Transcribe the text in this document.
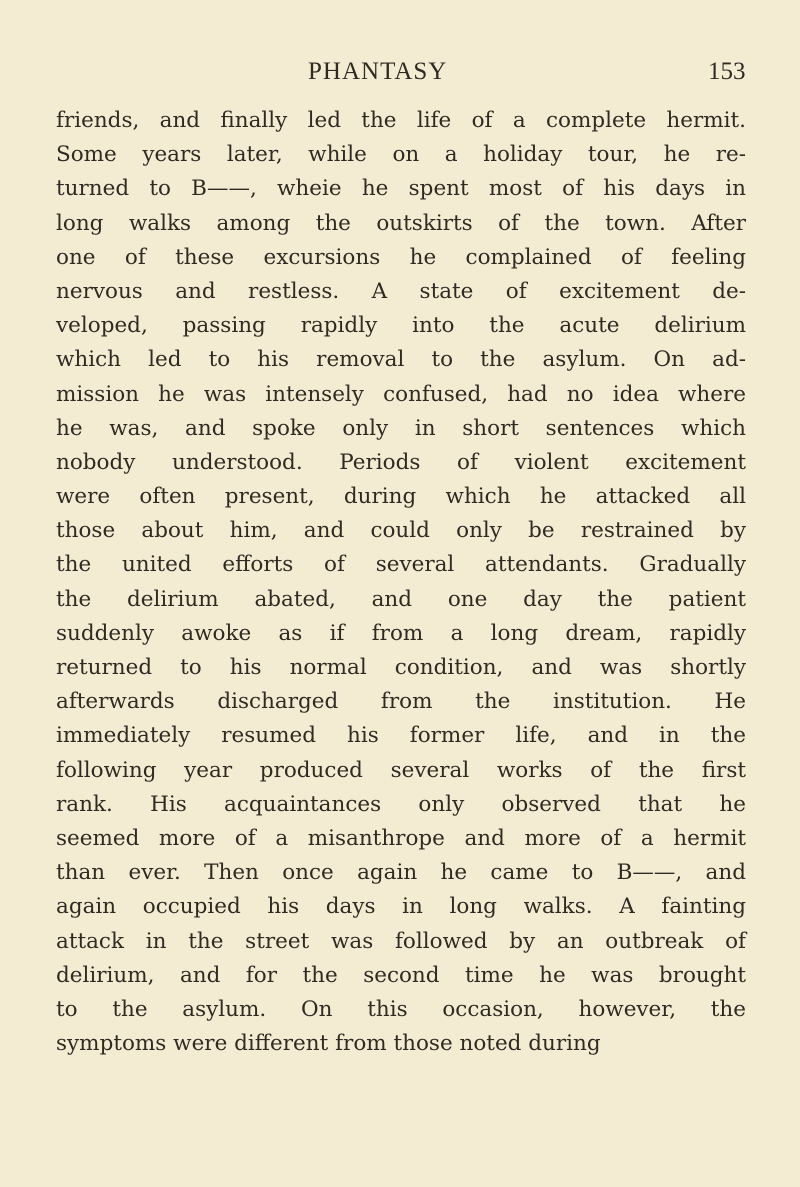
PHANTASY	153
friends, and finally led the life of a complete hermit.
Some years later, while on a holiday tour, he re-
turned to B——, wheie he spent most of his days in
long walks among the outskirts of the town. After
one of these excursions he complained of feeling
nervous and restless. A state of excitement de-
veloped, passing rapidly into the acute delirium
which led to his removal to the asylum. On ad-
mission he was intensely confused, had no idea where
he was, and spoke only in short sentences which
nobody understood. Periods of violent excitement
were often present, during which he attacked all
those about him, and could only be restrained by
the united efforts of several attendants. Gradually
the delirium abated, and one day the patient
suddenly awoke as if from a long dream, rapidly
returned to his normal condition, and was shortly
afterwards discharged from the institution. He
immediately resumed his former life, and in the
following year produced several works of the first
rank. His acquaintances only observed that he
seemed more of a misanthrope and more of a hermit
than ever. Then once again he came to B——, and
again occupied his days in long walks. A fainting
attack in the street was followed by an outbreak of
delirium, and for the second time he was brought
to the asylum. On this occasion, however, the
symptoms were different from those noted during
